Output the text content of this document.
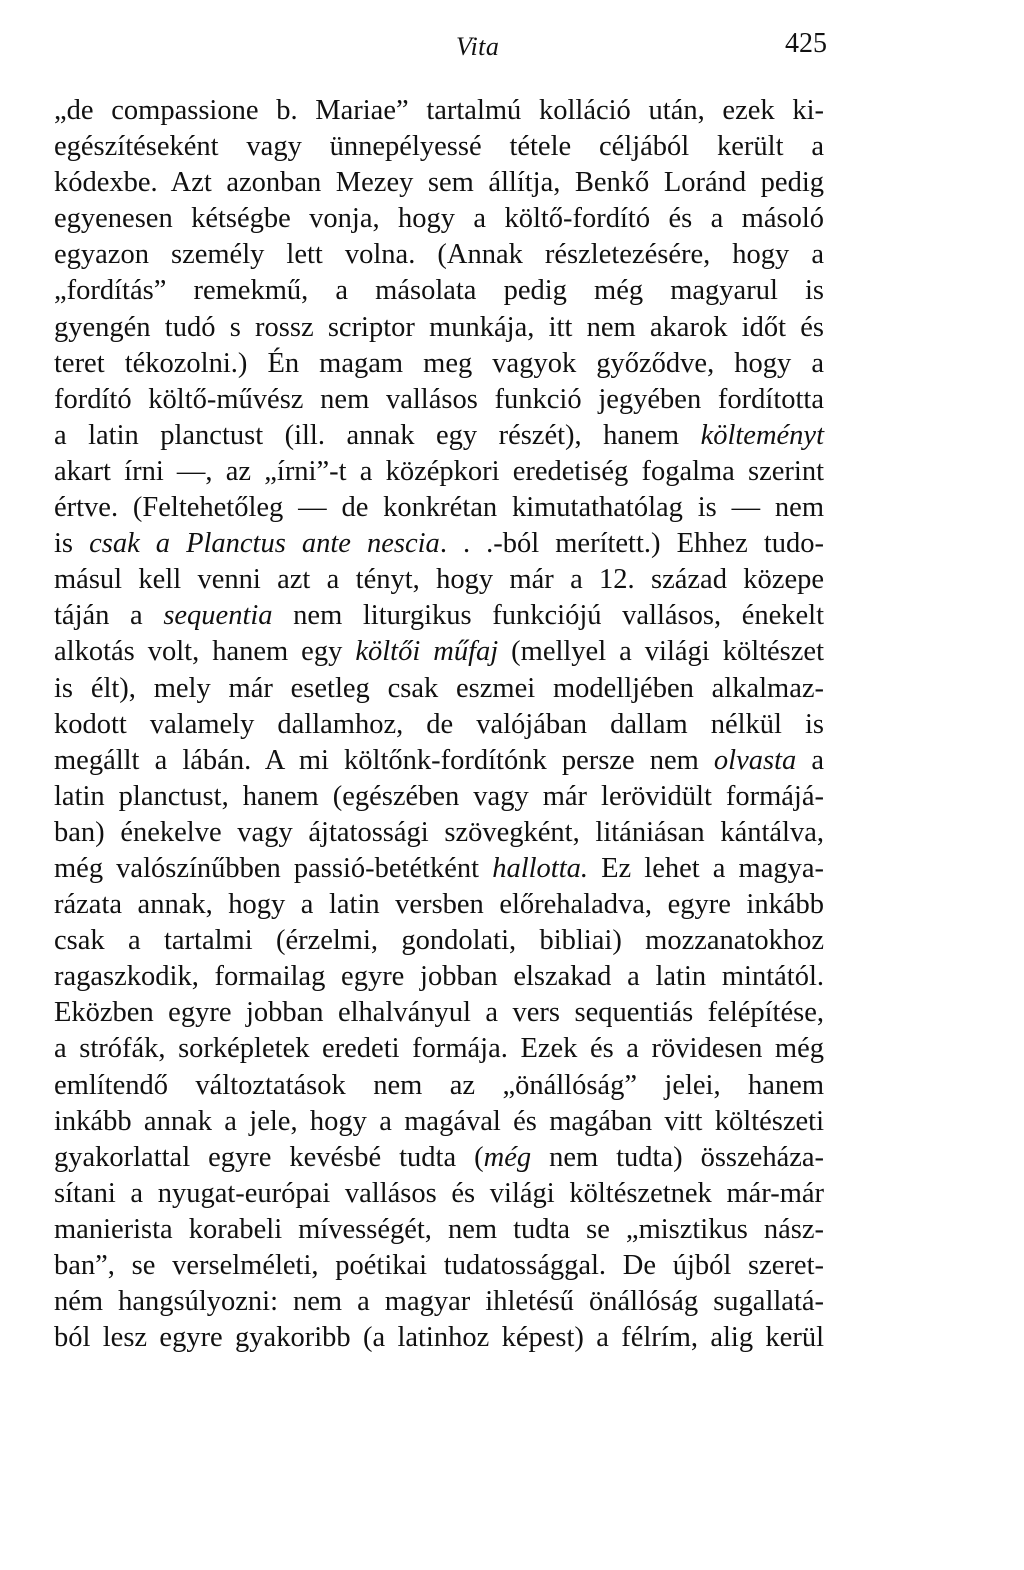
Vita	425
„de compassione b. Mariae” tartalmú kolláció után, ezek ki-
egészítéseként vagy ünnepélyessé tétele céljából került a
kódexbe. Azt azonban Mezey sem állítja, Benkő Loránd pedig
egyenesen kétségbe vonja, hogy a költő-fordító és a másoló
egyazon személy lett volna. (Annak részletezésére, hogy a
„fordítás” remekmű, a másolata pedig még magyarul is
gyengén tudó s rossz scriptor munkája, itt nem akarok időt és
teret tékozolni.) Én magam meg vagyok győződve, hogy a
fordító költő-művész nem vallásos funkció jegyében fordította
a latin planctust (ill. annak egy részét), hanem költeményt
akart írni —, az „írni”-t a középkori eredetiség fogalma szerint
értve. (Feltehetőleg — de konkrétan kimutathatólag is — nem
is csak a Planctus ante nescia. . .-ból merített.) Ehhez tudo-
másul kell venni azt a tényt, hogy már a 12. század közepe
táján a sequentia nem liturgikus funkciójú vallásos, énekelt
alkotás volt, hanem egy költői műfaj (mellyel a világi költészet
is élt), mely már esetleg csak eszmei modelljében alkalmaz-
kodott valamely dallamhoz, de valójában dallam nélkül is
megállt a lábán. A mi költőnk-fordítónk persze nem olvasta a
latin planctust, hanem (egészében vagy már lerövidült formájá-
ban) énekelve vagy ájtatossági szövegként, litániásan kántálva,
még valószínűbben passió-betétként hallotta. Ez lehet a magya-
rázata annak, hogy a latin versben előrehaladva, egyre inkább
csak a tartalmi (érzelmi, gondolati, bibliai) mozzanatokhoz
ragaszkodik, formailag egyre jobban elszakad a latin mintától.
Eközben egyre jobban elhalványul a vers sequentiás felépítése,
a strófák, sorképletek eredeti formája. Ezek és a rövidesen még
említendő változtatások nem az „önállóság” jelei, hanem
inkább annak a jele, hogy a magával és magában vitt költészeti
gyakorlattal egyre kevésbé tudta (még nem tudta) összeháza-
sítani a nyugat-európai vallásos és világi költészetnek már-már
manierista korabeli mívességét, nem tudta se „misztikus nász-
ban”, se verselméleti, poétikai tudatossággal. De újból szeret-
ném hangsúlyozni: nem a magyar ihletésű önállóság sugallatá-
ból lesz egyre gyakoribb (a latinhoz képest) a félrím, alig kerül
